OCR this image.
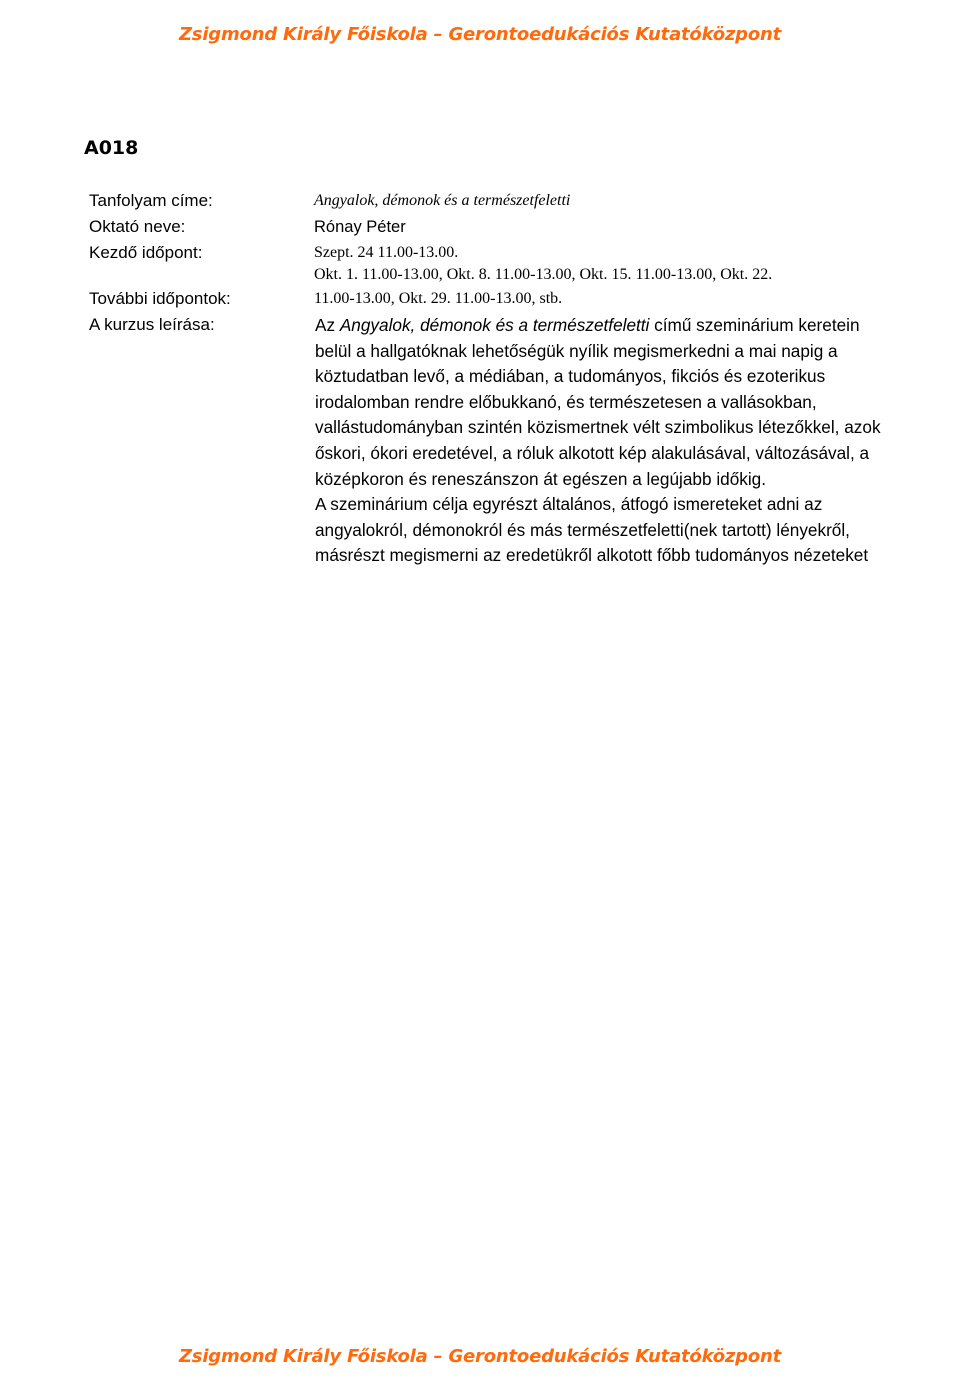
Zsigmond Király Főiskola – Gerontoedukációs Kutatóközpont
A018
Tanfolyam címe:	Angyalok, démonok és a természetfeletti
Oktató neve:	Rónay Péter
Kezdő időpont:	Szept. 24 11.00-13.00.
Okt. 1. 11.00-13.00, Okt. 8. 11.00-13.00, Okt. 15. 11.00-13.00, Okt. 22.
További időpontok:	11.00-13.00, Okt. 29. 11.00-13.00, stb.
A kurzus leírása:	Az Angyalok, démonok és a természetfeletti című szeminárium keretein belül a hallgatóknak lehetőségük nyílik megismerkedni a mai napig a köztudatban levő, a médiában, a tudományos, fikciós és ezoterikus irodalomban rendre előbukkanó, és természetesen a vallásokban, vallástudományban szintén közismertnek vélt szimbolikus létezőkkel, azok őskori, ókori eredetével, a róluk alkotott kép alakulásával, változásával, a középkoron és reneszánszon át egészen a legújabb időkig.

A szeminárium célja egyrészt általános, átfogó ismereteket adni az angyalokról, démonokról és más természetfeletti(nek tartott) lényekről, másrészt megismerni az eredetükről alkotott főbb tudományos nézeteket

Zsigmond Király Főiskola – Gerontoedukációs Kutatóközpont
